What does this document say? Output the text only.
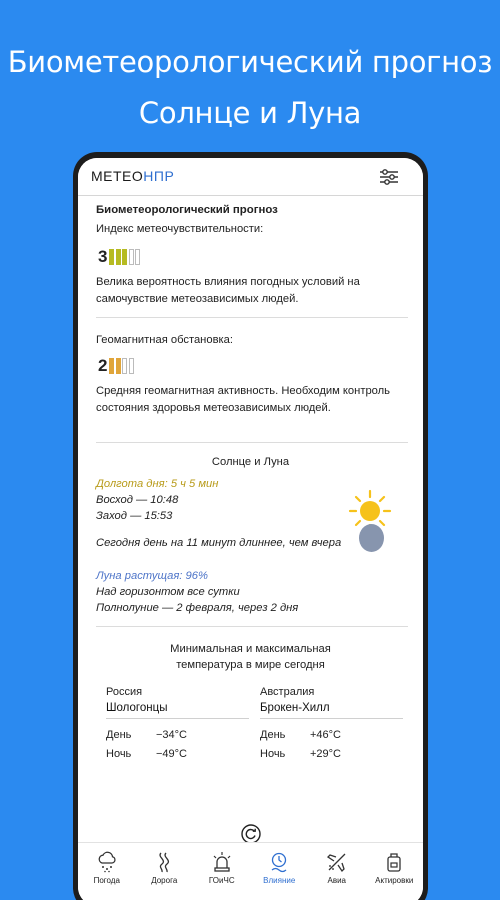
Биометеорологический прогноз
Солнце и Луна
МЕТЕОНПР
Биометеорологический прогноз
Индекс метеочувствительности:
3
Велика вероятность влияния погодных условий на самочувствие метеозависимых людей.
Геомагнитная обстановка:
2
Средняя геомагнитная активность. Необходим контроль состояния здоровья метеозависимых людей.
Солнце и Луна
Долгота дня: 5 ч 5 мин
Восход — 10:48
Заход — 15:53
Сегодня день на 11 минут длиннее, чем вчера
Луна растущая: 96%
Над горизонтом все сутки
Полнолуние — 2 февраля, через 2 дня
Минимальная и максимальная
температура в мире сегодня
Россия
Шологонцы
День	−34°С
Ночь	−49°С
Австралия
Брокен-Хилл
День	+46°С
Ночь	+29°С
Погода	Дорога	ГОиЧС	Влияние	Авиа	Актировки
